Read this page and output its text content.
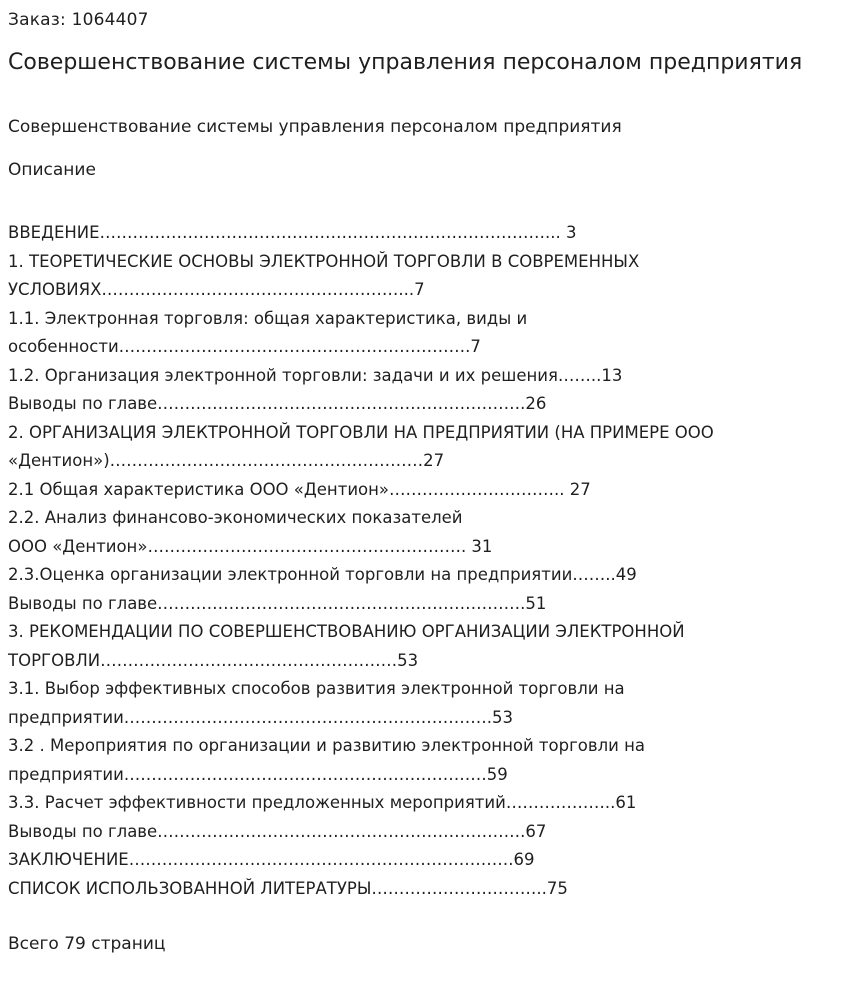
Заказ: 1064407
Совершенствование системы управления персоналом предприятия
Совершенствование системы управления персоналом предприятия
Описание
ВВЕДЕНИЕ………………………………………………………………………... 3
1. ТЕОРЕТИЧЕСКИЕ ОСНОВЫ ЭЛЕКТРОННОЙ ТОРГОВЛИ В СОВРЕМЕННЫХ
УСЛОВИЯХ………………………………………………...7
1.1. Электронная торговля: общая характеристика, виды и
особенности……………………………………………………….7
1.2. Организация электронной торговли: задачи и их решения……..13
Выводы по главе………………………………………………………….26
2. ОРГАНИЗАЦИЯ ЭЛЕКТРОННОЙ ТОРГОВЛИ НА ПРЕДПРИЯТИИ (НА ПРИМЕРЕ ООО
«Дентион»)…………………………………………………27
2.1 Общая характеристика ООО «Дентион»………………………….. 27
2.2. Анализ финансово-экономических показателей
ООО «Дентион»…………………………………………………. 31
2.3.Оценка организации электронной торговли на предприятии……..49
Выводы по главе………………………………………………………….51
3. РЕКОМЕНДАЦИИ ПО СОВЕРШЕНСТВОВАНИЮ ОРГАНИЗАЦИИ ЭЛЕКТРОННОЙ
ТОРГОВЛИ………………………………………………53
3.1. Выбор эффективных способов развития электронной торговли на
предприятии………………………………………………………….53
3.2 . Мероприятия по организации и развитию электронной торговли на
предприятии…………………………………………………………59
3.3. Расчет эффективности предложенных мероприятий………………..61
Выводы по главе………………………………………………………….67
ЗАКЛЮЧЕНИЕ…………………………………………………………….69
СПИСОК ИСПОЛЬЗОВАННОЙ ЛИТЕРАТУРЫ…………………………..75
Всего 79 страниц
